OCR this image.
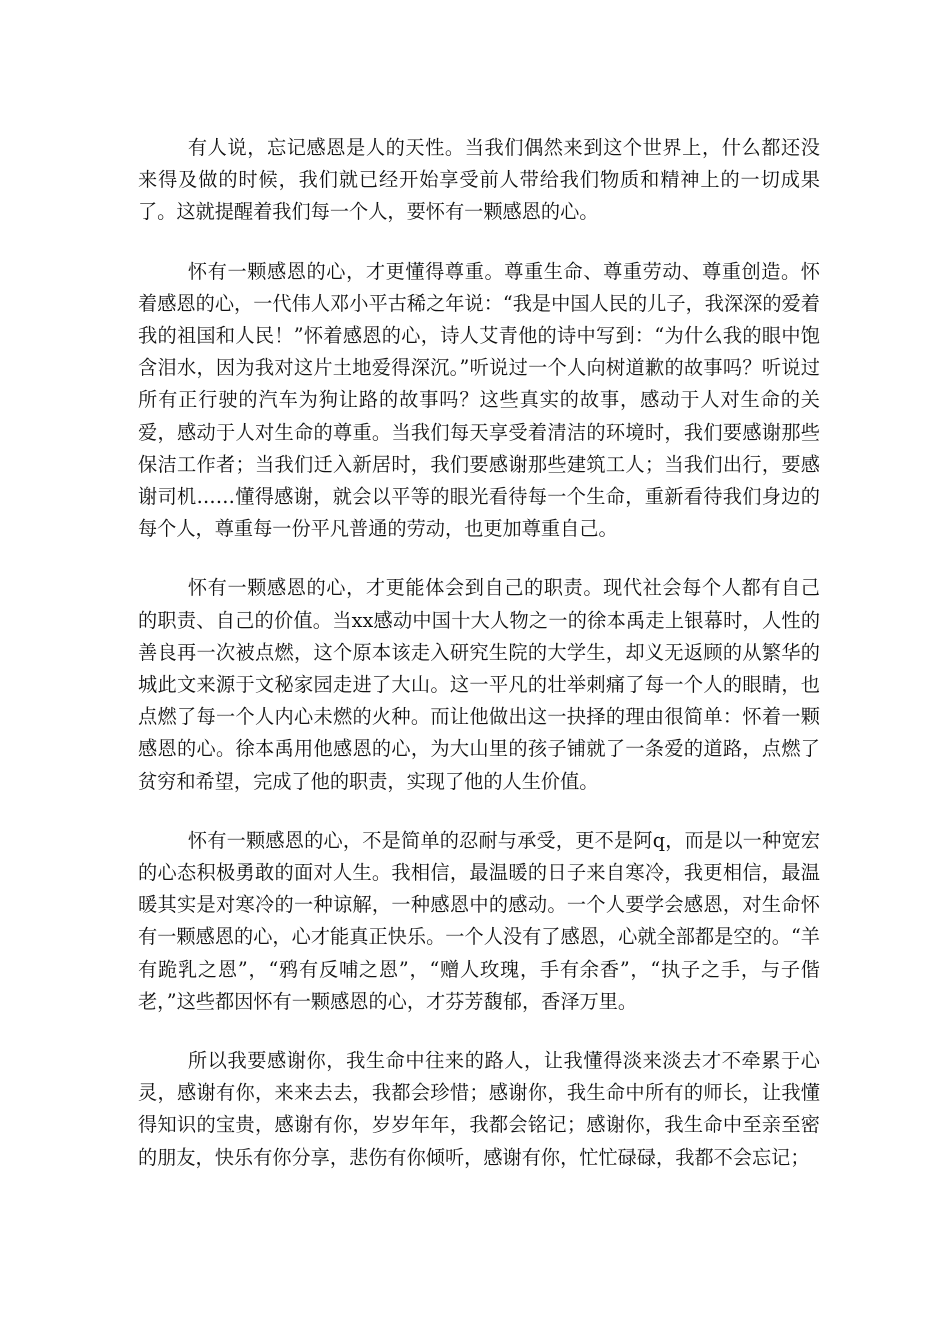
有人说，忘记感恩是人的天性。当我们偶然来到这个世界上，什么都还没来得及做的时候，我们就已经开始享受前人带给我们物质和精神上的一切成果了。这就提醒着我们每一个人，要怀有一颗感恩的心。

怀有一颗感恩的心，才更懂得尊重。尊重生命、尊重劳动、尊重创造。怀着感恩的心，一代伟人邓小平古稀之年说：“我是中国人民的儿子，我深深的爱着我的祖国和人民！”怀着感恩的心，诗人艾青他的诗中写到：“为什么我的眼中饱含泪水，因为我对这片土地爱得深沉。”听说过一个人向树道歉的故事吗？听说过所有正行驶的汽车为狗让路的故事吗？这些真实的故事，感动于人对生命的关爱，感动于人对生命的尊重。当我们每天享受着清洁的环境时，我们要感谢那些保洁工作者；当我们迁入新居时，我们要感谢那些建筑工人；当我们出行，要感谢司机……懂得感谢，就会以平等的眼光看待每一个生命，重新看待我们身边的每个人，尊重每一份平凡普通的劳动，也更加尊重自己。

怀有一颗感恩的心，才更能体会到自己的职责。现代社会每个人都有自己的职责、自己的价值。当xx感动中国十大人物之一的徐本禹走上银幕时，人性的善良再一次被点燃，这个原本该走入研究生院的大学生，却义无返顾的从繁华的城此文来源于文秘家园走进了大山。这一平凡的壮举刺痛了每一个人的眼睛，也点燃了每一个人内心未燃的火种。而让他做出这一抉择的理由很简单：怀着一颗感恩的心。徐本禹用他感恩的心，为大山里的孩子铺就了一条爱的道路，点燃了贫穷和希望，完成了他的职责，实现了他的人生价值。

怀有一颗感恩的心，不是简单的忍耐与承受，更不是阿q，而是以一种宽宏的心态积极勇敢的面对人生。我相信，最温暖的日子来自寒冷，我更相信，最温暖其实是对寒冷的一种谅解，一种感恩中的感动。一个人要学会感恩，对生命怀有一颗感恩的心，心才能真正快乐。一个人没有了感恩，心就全部都是空的。“羊有跪乳之恩”，“鸦有反哺之恩”，“赠人玫瑰，手有余香”，“执子之手，与子偕老，”这些都因怀有一颗感恩的心，才芬芳馥郁，香泽万里。

所以我要感谢你，我生命中往来的路人，让我懂得淡来淡去才不牵累于心灵，感谢有你，来来去去，我都会珍惜；感谢你，我生命中所有的师长，让我懂得知识的宝贵，感谢有你，岁岁年年，我都会铭记；感谢你，我生命中至亲至密的朋友，快乐有你分享，悲伤有你倾听，感谢有你，忙忙碌碌，我都不会忘记；
